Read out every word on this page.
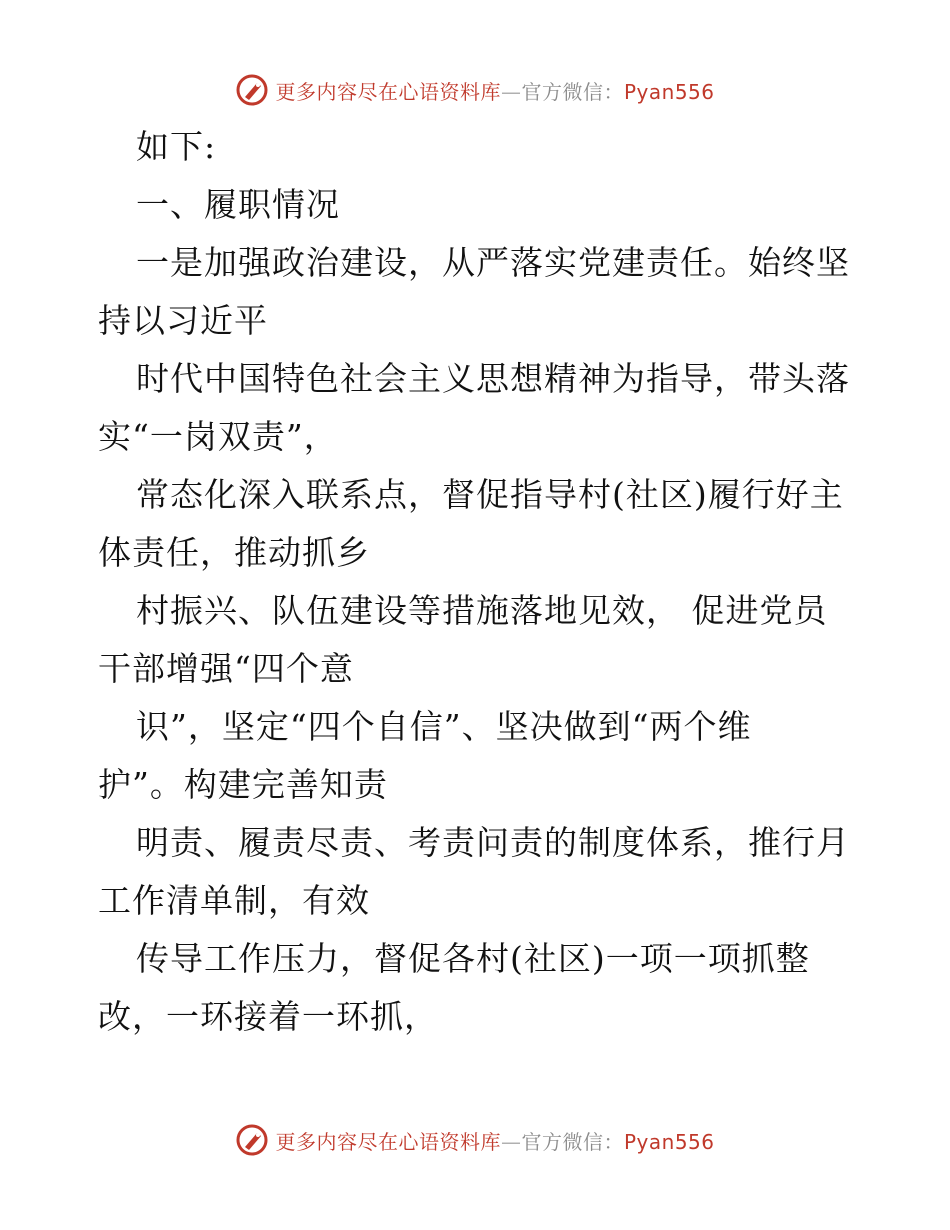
更多内容尽在心语资料库—官方微信：Pyan556
如下:
一、履职情况
一是加强政治建设，从严落实党建责任。始终坚
持以习近平
时代中国特色社会主义思想精神为指导，带头落
实“一岗双责”，
常态化深入联系点，督促指导村(社区)履行好主
体责任，推动抓乡
村振兴、队伍建设等措施落地见效， 促进党员
干部增强“四个意
识”，坚定“四个自信”、坚决做到“两个维
护”。构建完善知责
明责、履责尽责、考责问责的制度体系，推行月
工作清单制，有效
传导工作压力，督促各村(社区)一项一项抓整
改，一环接着一环抓，
更多内容尽在心语资料库—官方微信：Pyan556
